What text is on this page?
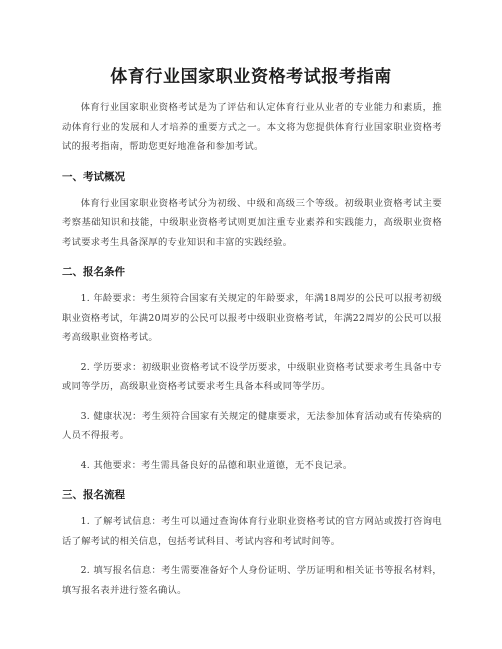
体育行业国家职业资格考试报考指南

体育行业国家职业资格考试是为了评估和认定体育行业从业者的专业能力和素质，推动体育行业的发展和人才培养的重要方式之一。本文将为您提供体育行业国家职业资格考试的报考指南，帮助您更好地准备和参加考试。

一、考试概况

体育行业国家职业资格考试分为初级、中级和高级三个等级。初级职业资格考试主要考察基础知识和技能，中级职业资格考试则更加注重专业素养和实践能力，高级职业资格考试要求考生具备深厚的专业知识和丰富的实践经验。

二、报名条件

1. 年龄要求：考生须符合国家有关规定的年龄要求，年满18周岁的公民可以报考初级职业资格考试，年满20周岁的公民可以报考中级职业资格考试，年满22周岁的公民可以报考高级职业资格考试。

2. 学历要求：初级职业资格考试不设学历要求，中级职业资格考试要求考生具备中专或同等学历，高级职业资格考试要求考生具备本科或同等学历。

3. 健康状况：考生须符合国家有关规定的健康要求，无法参加体育活动或有传染病的人员不得报考。

4. 其他要求：考生需具备良好的品德和职业道德，无不良记录。

三、报名流程

1. 了解考试信息：考生可以通过查询体育行业职业资格考试的官方网站或拨打咨询电话了解考试的相关信息，包括考试科目、考试内容和考试时间等。

2. 填写报名信息：考生需要准备好个人身份证明、学历证明和相关证书等报名材料，填写报名表并进行签名确认。
